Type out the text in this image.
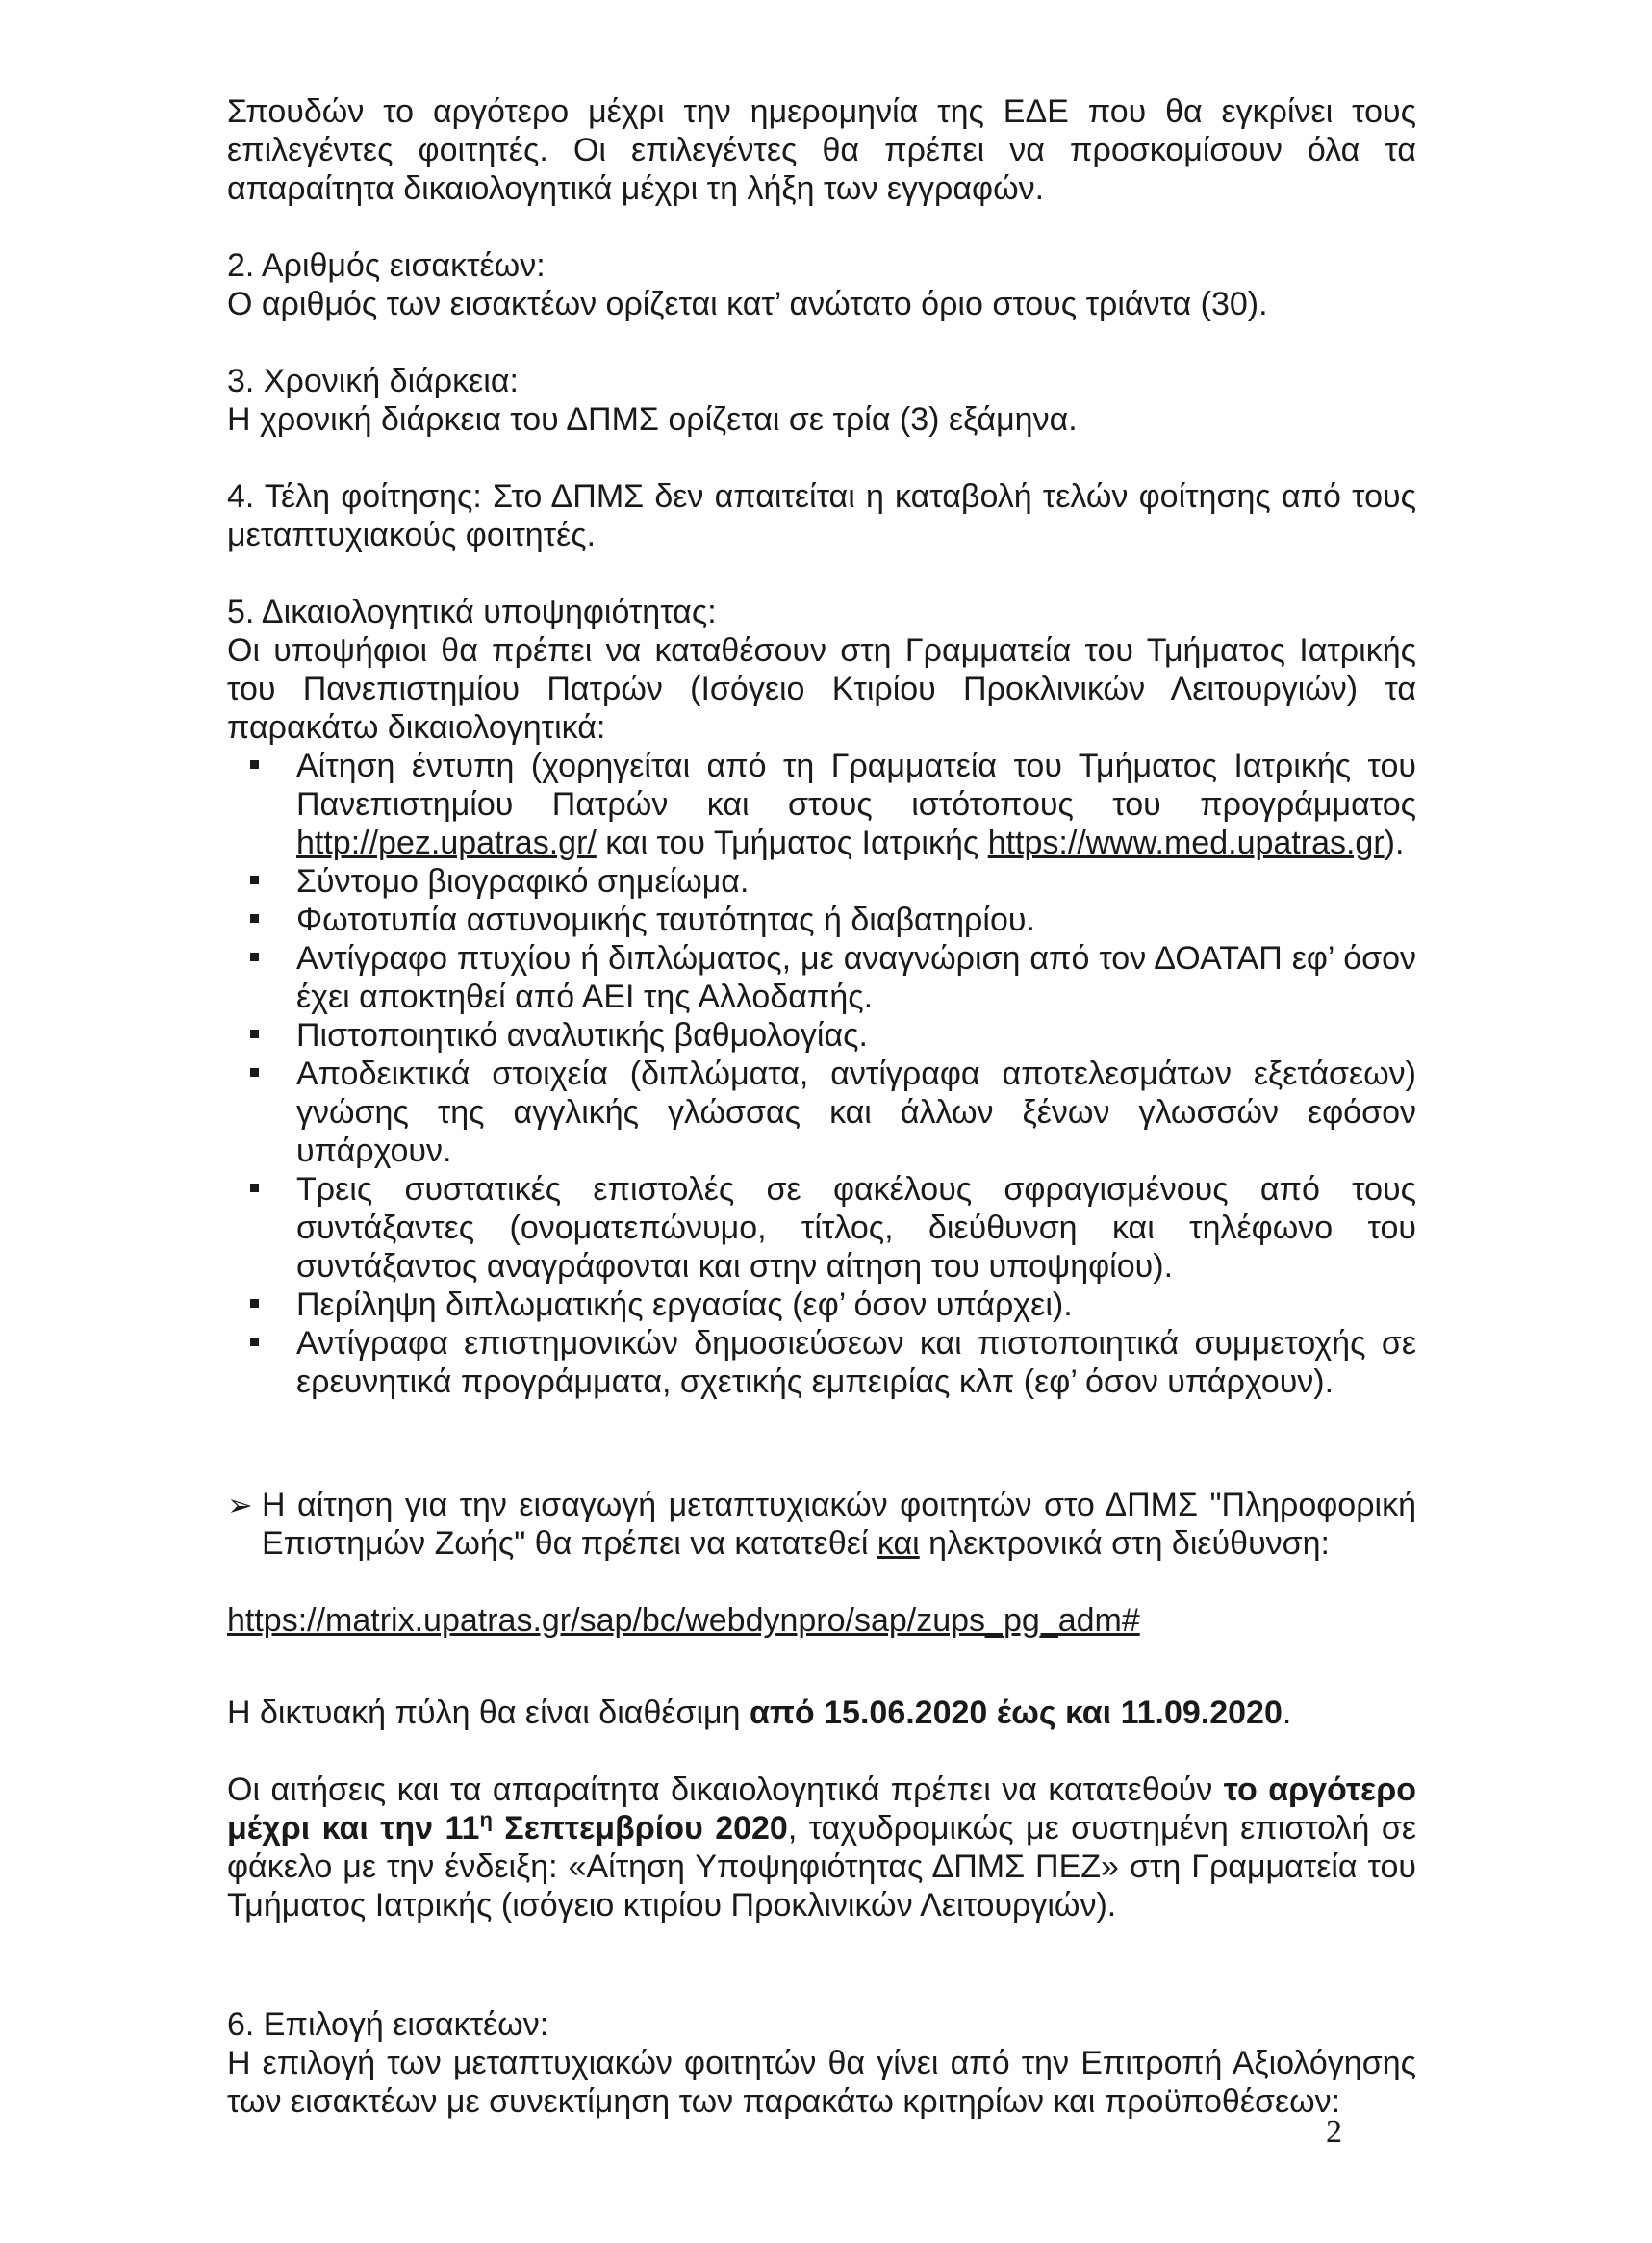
Σπουδών το αργότερο μέχρι την ημερομηνία της ΕΔΕ που θα εγκρίνει τους επιλεγέντες φοιτητές. Οι επιλεγέντες θα πρέπει να προσκομίσουν όλα τα απαραίτητα δικαιολογητικά μέχρι τη λήξη των εγγραφών.

2. Αριθμός εισακτέων:

Ο αριθμός των εισακτέων ορίζεται κατ’ ανώτατο όριο στους τριάντα (30).

3. Χρονική διάρκεια:

Η χρονική διάρκεια του ΔΠΜΣ ορίζεται σε τρία (3) εξάμηνα.

4. Τέλη φοίτησης: Στο ΔΠΜΣ δεν απαιτείται η καταβολή τελών φοίτησης από τους μεταπτυχιακούς φοιτητές.

5. Δικαιολογητικά υποψηφιότητας:

Οι υποψήφιοι θα πρέπει να καταθέσουν στη Γραμματεία του Τμήματος Ιατρικής του Πανεπιστημίου Πατρών (Ισόγειο Κτιρίου Προκλινικών Λειτουργιών) τα παρακάτω δικαιολογητικά:

Αίτηση έντυπη (χορηγείται από τη Γραμματεία του Τμήματος Ιατρικής του Πανεπιστημίου Πατρών και στους ιστότοπους του προγράμματος http://pez.upatras.gr/ και του Τμήματος Ιατρικής https://www.med.upatras.gr).
Σύντομο βιογραφικό σημείωμα.
Φωτοτυπία αστυνομικής ταυτότητας ή διαβατηρίου.
Αντίγραφο πτυχίου ή διπλώματος, με αναγνώριση από τον ΔΟΑΤΑΠ εφ’ όσον έχει αποκτηθεί από ΑΕΙ της Αλλοδαπής.
Πιστοποιητικό αναλυτικής βαθμολογίας.
Αποδεικτικά στοιχεία (διπλώματα, αντίγραφα αποτελεσμάτων εξετάσεων) γνώσης της αγγλικής γλώσσας και άλλων ξένων γλωσσών εφόσον υπάρχουν.
Τρεις συστατικές επιστολές σε φακέλους σφραγισμένους από τους συντάξαντες (ονοματεπώνυμο, τίτλος, διεύθυνση και τηλέφωνο του συντάξαντος αναγράφονται και στην αίτηση του υποψηφίου).
Περίληψη διπλωματικής εργασίας (εφ’ όσον υπάρχει).
Αντίγραφα επιστημονικών δημοσιεύσεων και πιστοποιητικά συμμετοχής σε ερευνητικά προγράμματα, σχετικής εμπειρίας κλπ (εφ’ όσον υπάρχουν).

➢ Η αίτηση για την εισαγωγή μεταπτυχιακών φοιτητών στο ΔΠΜΣ "Πληροφορική Επιστημών Ζωής" θα πρέπει να κατατεθεί και ηλεκτρονικά στη διεύθυνση:

https://matrix.upatras.gr/sap/bc/webdynpro/sap/zups_pg_adm#

Η δικτυακή πύλη θα είναι διαθέσιμη από 15.06.2020 έως και 11.09.2020.

Οι αιτήσεις και τα απαραίτητα δικαιολογητικά πρέπει να κατατεθούν το αργότερο μέχρι και την $11^\eta$ Σεπτεμβρίου 2020, ταχυδρομικώς με συστημένη επιστολή σε φάκελο με την ένδειξη: «Αίτηση Υποψηφιότητας ΔΠΜΣ ΠΕΖ» στη Γραμματεία του Τμήματος Ιατρικής (ισόγειο κτιρίου Προκλινικών Λειτουργιών).

6. Επιλογή εισακτέων:

Η επιλογή των μεταπτυχιακών φοιτητών θα γίνει από την Επιτροπή Αξιολόγησης των εισακτέων με συνεκτίμηση των παρακάτω κριτηρίων και προϋποθέσεων:

2
